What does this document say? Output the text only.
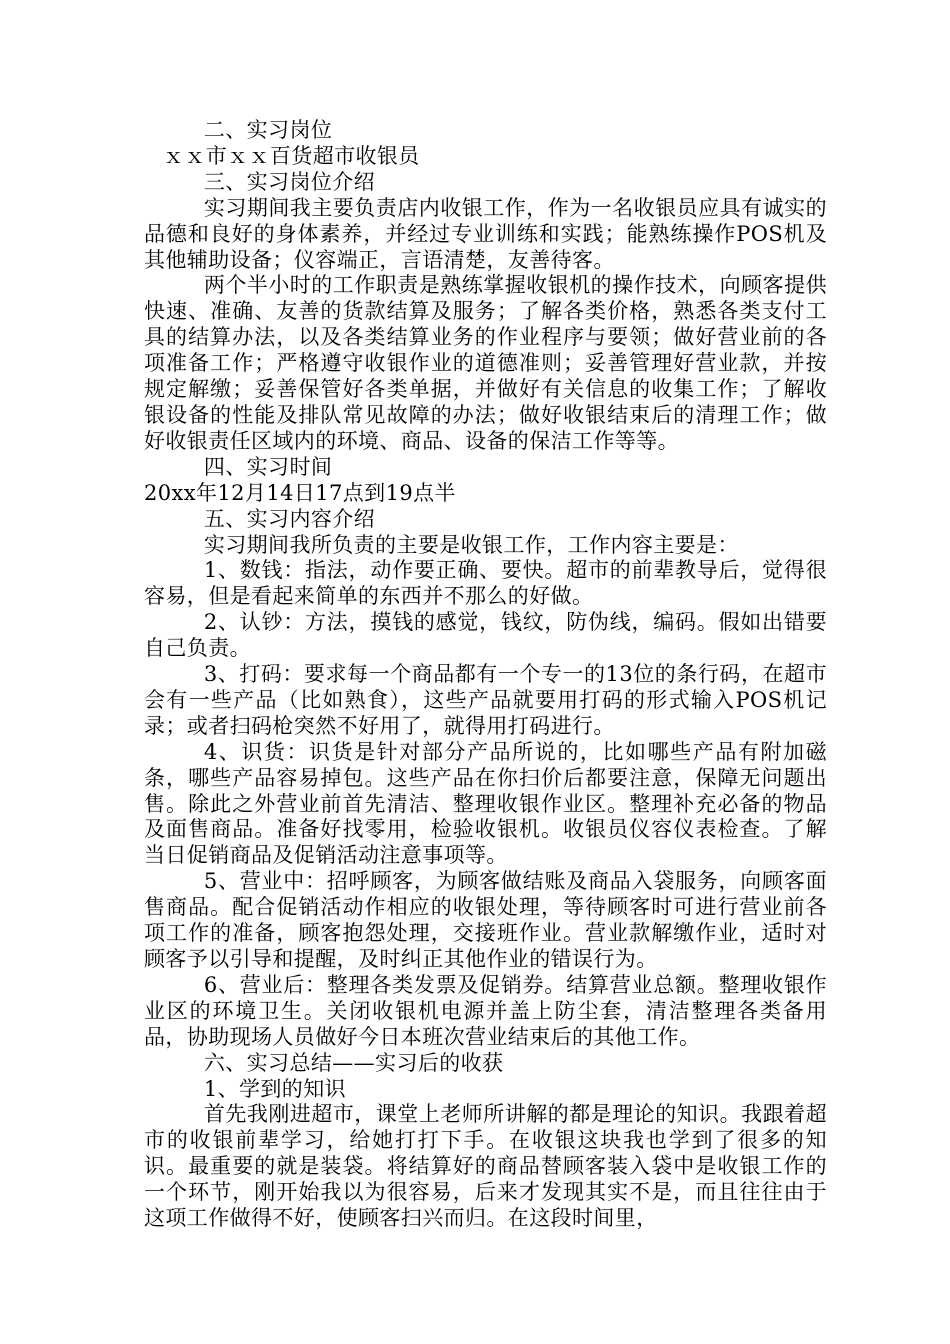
二、实习岗位

ｘｘ市ｘｘ百货超市收银员

三、实习岗位介绍

实习期间我主要负责店内收银工作，作为一名收银员应具有诚实的品德和良好的身体素养，并经过专业训练和实践；能熟练操作POS机及其他辅助设备；仪容端正，言语清楚，友善待客。

两个半小时的工作职责是熟练掌握收银机的操作技术，向顾客提供快速、准确、友善的货款结算及服务；了解各类价格，熟悉各类支付工具的结算办法，以及各类结算业务的作业程序与要领；做好营业前的各项准备工作；严格遵守收银作业的道德准则；妥善管理好营业款，并按规定解缴；妥善保管好各类单据，并做好有关信息的收集工作；了解收银设备的性能及排队常见故障的办法；做好收银结束后的清理工作；做好收银责任区域内的环境、商品、设备的保洁工作等等。

四、实习时间

20xx年12月14日17点到19点半

五、实习内容介绍

实习期间我所负责的主要是收银工作，工作内容主要是：

1、数钱：指法，动作要正确、要快。超市的前辈教导后，觉得很容易，但是看起来简单的东西并不那么的好做。

2、认钞：方法，摸钱的感觉，钱纹，防伪线，编码。假如出错要自己负责。

3、打码：要求每一个商品都有一个专一的13位的条行码，在超市会有一些产品（比如熟食），这些产品就要用打码的形式输入POS机记录；或者扫码枪突然不好用了，就得用打码进行。

4、识货：识货是针对部分产品所说的，比如哪些产品有附加磁条，哪些产品容易掉包。这些产品在你扫价后都要注意，保障无问题出售。除此之外营业前首先清洁、整理收银作业区。整理补充必备的物品及面售商品。准备好找零用，检验收银机。收银员仪容仪表检查。了解当日促销商品及促销活动注意事项等。

5、营业中：招呼顾客，为顾客做结账及商品入袋服务，向顾客面售商品。配合促销活动作相应的收银处理，等待顾客时可进行营业前各项工作的准备，顾客抱怨处理，交接班作业。营业款解缴作业，适时对顾客予以引导和提醒，及时纠正其他作业的错误行为。

6、营业后：整理各类发票及促销券。结算营业总额。整理收银作业区的环境卫生。关闭收银机电源并盖上防尘套，清洁整理各类备用品，协助现场人员做好今日本班次营业结束后的其他工作。

六、实习总结——实习后的收获

1、学到的知识

首先我刚进超市，课堂上老师所讲解的都是理论的知识。我跟着超市的收银前辈学习，给她打打下手。在收银这块我也学到了很多的知识。最重要的就是装袋。将结算好的商品替顾客装入袋中是收银工作的一个环节，刚开始我以为很容易，后来才发现其实不是，而且往往由于这项工作做得不好，使顾客扫兴而归。在这段时间里，
